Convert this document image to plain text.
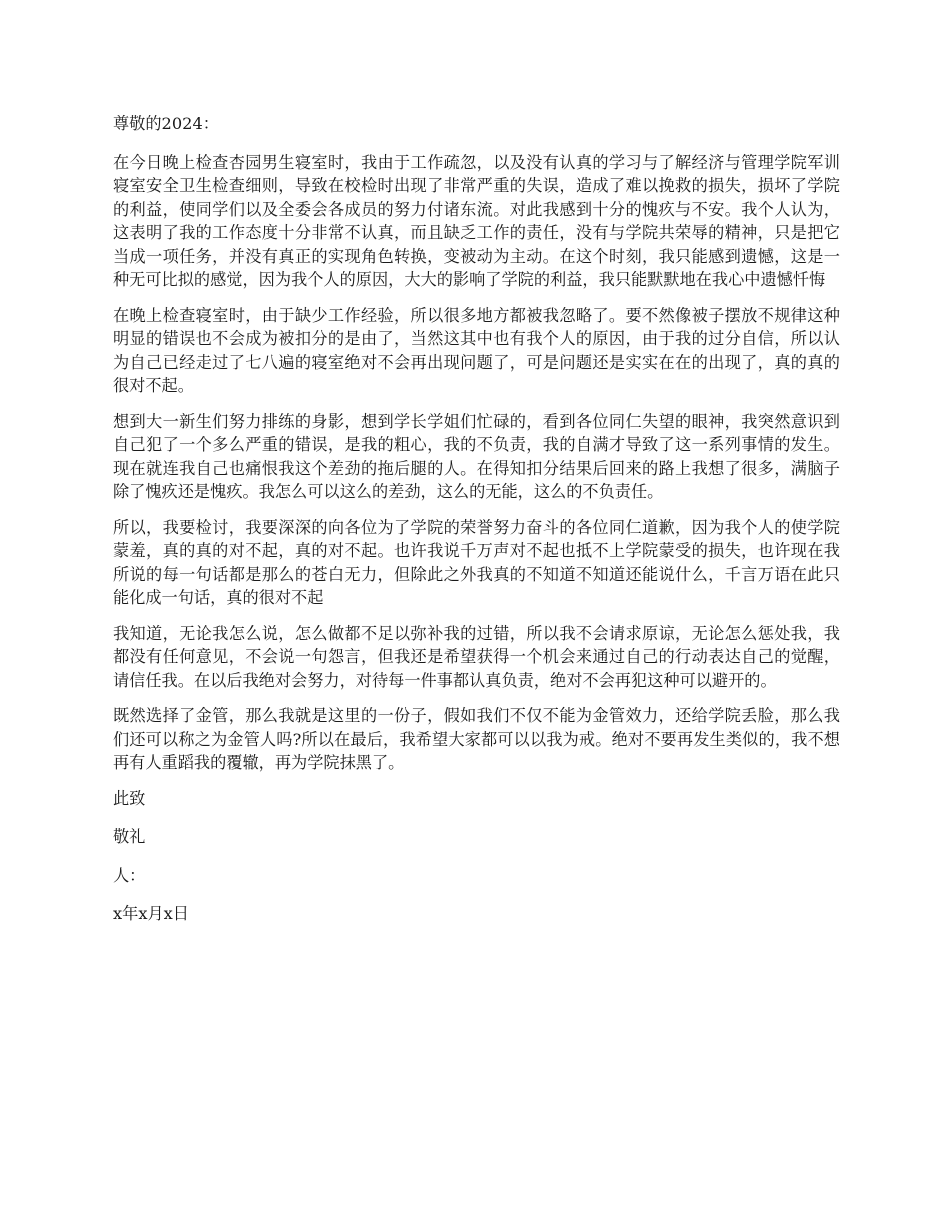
尊敬的2024：

在今日晚上检查杏园男生寝室时，我由于工作疏忽，以及没有认真的学习与了解经济与管理学院军训寝室安全卫生检查细则，导致在校检时出现了非常严重的失误，造成了难以挽救的损失，损坏了学院的利益，使同学们以及全委会各成员的努力付诸东流。对此我感到十分的愧疚与不安。我个人认为，这表明了我的工作态度十分非常不认真，而且缺乏工作的责任，没有与学院共荣辱的精神，只是把它当成一项任务，并没有真正的实现角色转换，变被动为主动。在这个时刻，我只能感到遗憾，这是一种无可比拟的感觉，因为我个人的原因，大大的影响了学院的利益，我只能默默地在我心中遗憾忏悔

在晚上检查寝室时，由于缺少工作经验，所以很多地方都被我忽略了。要不然像被子摆放不规律这种明显的错误也不会成为被扣分的是由了，当然这其中也有我个人的原因，由于我的过分自信，所以认为自己已经走过了七八遍的寝室绝对不会再出现问题了，可是问题还是实实在在的出现了，真的真的很对不起。

想到大一新生们努力排练的身影，想到学长学姐们忙碌的，看到各位同仁失望的眼神，我突然意识到自己犯了一个多么严重的错误，是我的粗心，我的不负责，我的自满才导致了这一系列事情的发生。现在就连我自己也痛恨我这个差劲的拖后腿的人。在得知扣分结果后回来的路上我想了很多，满脑子除了愧疚还是愧疚。我怎么可以这么的差劲，这么的无能，这么的不负责任。

所以，我要检讨，我要深深的向各位为了学院的荣誉努力奋斗的各位同仁道歉，因为我个人的使学院蒙羞，真的真的对不起，真的对不起。也许我说千万声对不起也抵不上学院蒙受的损失，也许现在我所说的每一句话都是那么的苍白无力，但除此之外我真的不知道不知道还能说什么，千言万语在此只能化成一句话，真的很对不起

我知道，无论我怎么说，怎么做都不足以弥补我的过错，所以我不会请求原谅，无论怎么惩处我，我都没有任何意见，不会说一句怨言，但我还是希望获得一个机会来通过自己的行动表达自己的觉醒，请信任我。在以后我绝对会努力，对待每一件事都认真负责，绝对不会再犯这种可以避开的。

既然选择了金管，那么我就是这里的一份子，假如我们不仅不能为金管效力，还给学院丢脸，那么我们还可以称之为金管人吗?所以在最后，我希望大家都可以以我为戒。绝对不要再发生类似的，我不想再有人重蹈我的覆辙，再为学院抹黑了。

此致

敬礼

人：

x年x月x日
